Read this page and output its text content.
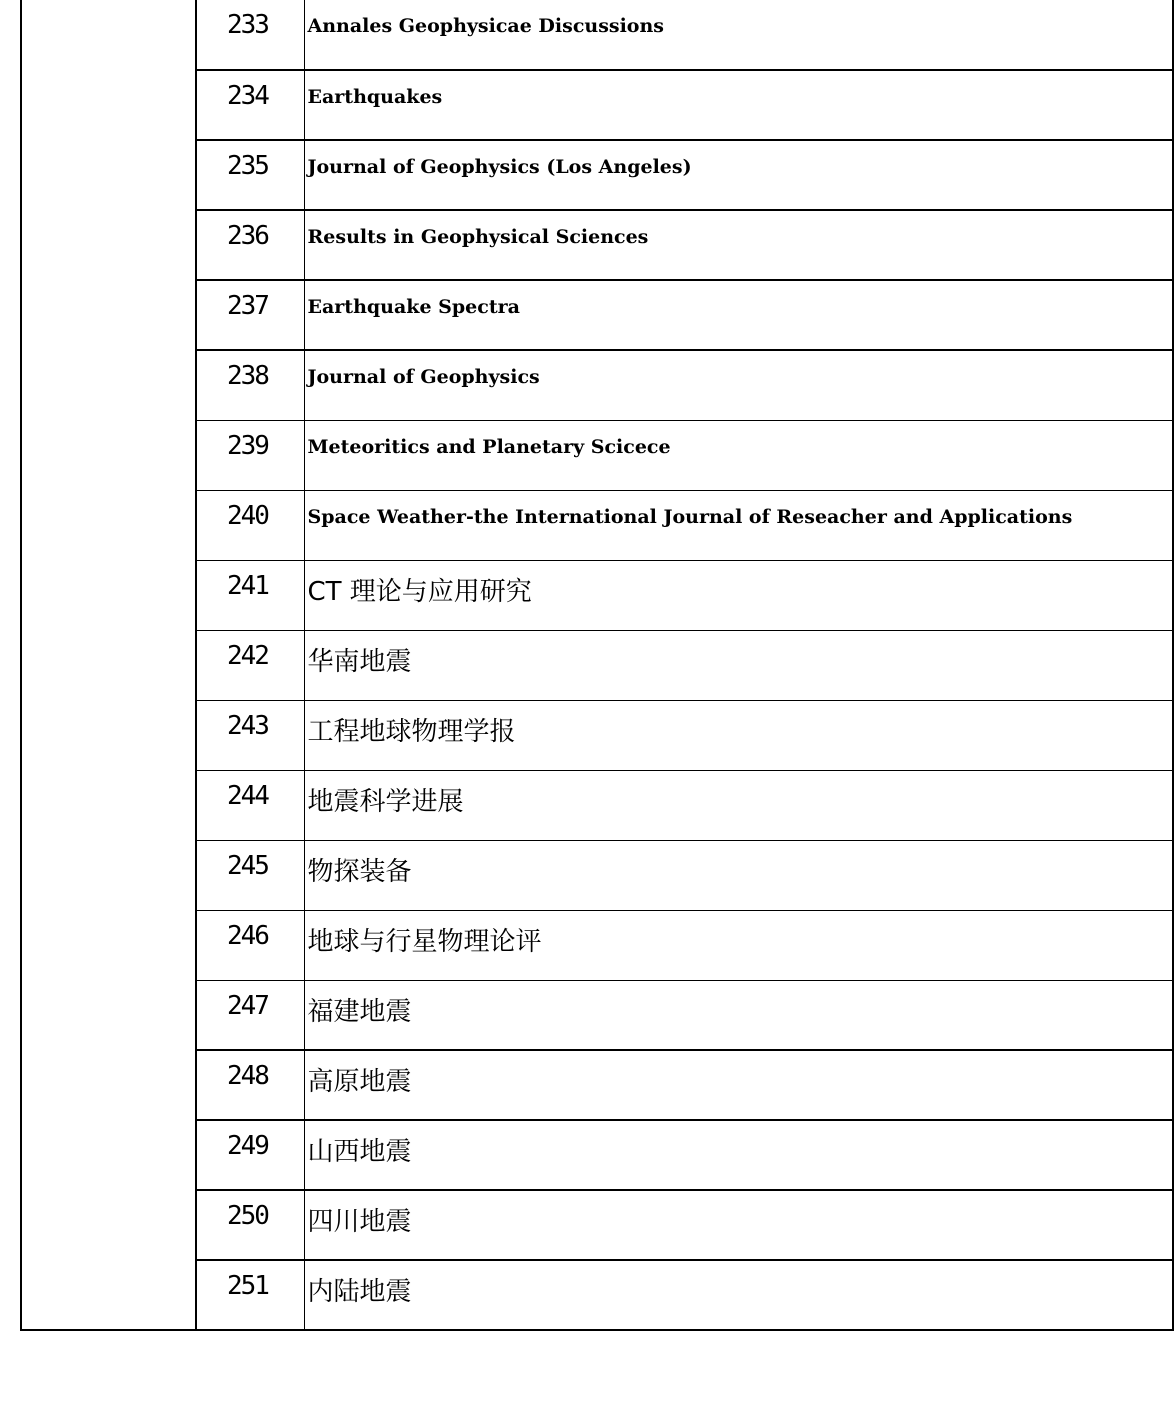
	233	Annales Geophysicae Discussions

	234	Earthquakes

	235	Journal of Geophysics (Los Angeles)

	236	Results in Geophysical Sciences

	237	Earthquake Spectra

	238	Journal of Geophysics

	239	Meteoritics and Planetary Scicece

	240	Space Weather-the International Journal of Reseacher and Applications

	241	CT 理论与应用研究

	242	华南地震

	243	工程地球物理学报

	244	地震科学进展

	245	物探装备

	246	地球与行星物理论评

	247	福建地震

	248	高原地震

	249	山西地震

	250	四川地震

	251	内陆地震
